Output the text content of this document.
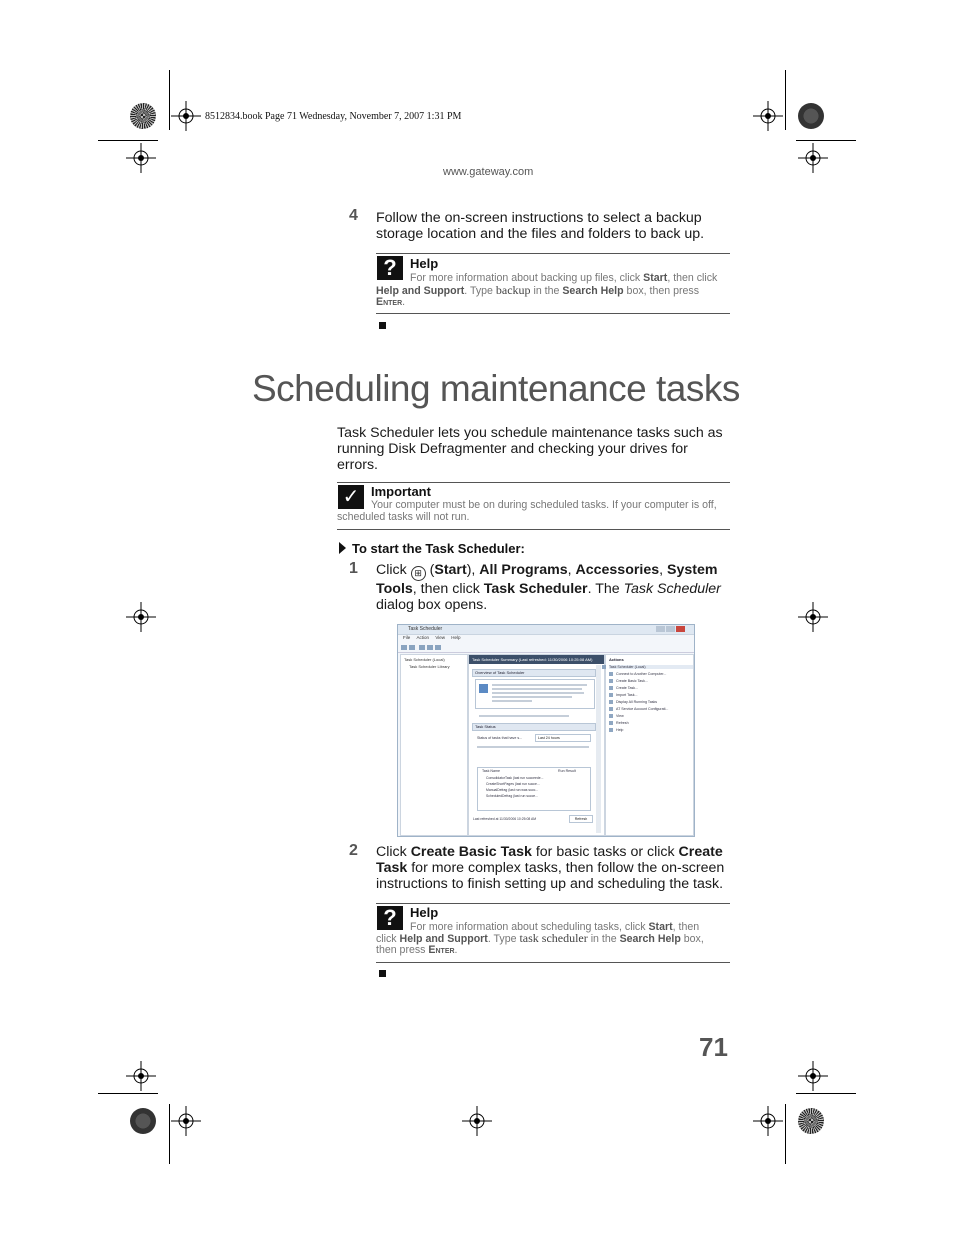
8512834.book Page 71 Wednesday, November 7, 2007 1:31 PM
www.gateway.com
4 Follow the on-screen instructions to select a backup
storage location and the files and folders to back up.
?	Help
For more information about backing up files, click Start, then click
Help and Support. Type backup in the Search Help box, then press
Enter.
Scheduling maintenance tasks
Task Scheduler lets you schedule maintenance tasks such as
running Disk Defragmenter and checking your drives for
errors.
✓ Important
Your computer must be on during scheduled tasks. If your computer is off,
scheduled tasks will not run.
To start the Task Scheduler:
1 Click ⊞ (Start), All Programs, Accessories, System
Tools, then click Task Scheduler. The Task Scheduler
dialog box opens.
Task Scheduler
File Action View Help
Task Scheduler (Local)
Task Scheduler Library
Task Scheduler Summary (Last refreshed: 11/30/2006 10:25:08 AM)
Overview of Task Scheduler
Task Status
Status of tasks that have s...	Last 24 hours
Task Name	Run Result
ConsolidatorTask (last run succeede...
CreateShortPages (last run succe...
ManualDefrag (last run was succ...
ScheduledDefrag (last run succe...
Last refreshed at 11/30/2006 10:25:08 AM	Refresh
Actions
Task Scheduler (Local)
Connect to Another Computer...
Create Basic Task...
Create Task...
Import Task...
Display All Running Tasks
AT Service Account Configurati...
View
Refresh
Help
2 Click Create Basic Task for basic tasks or click Create
Task for more complex tasks, then follow the on-screen
instructions to finish setting up and scheduling the task.
?	Help
For more information about scheduling tasks, click Start, then
click Help and Support. Type task scheduler in the Search Help box,
then press Enter.
71
